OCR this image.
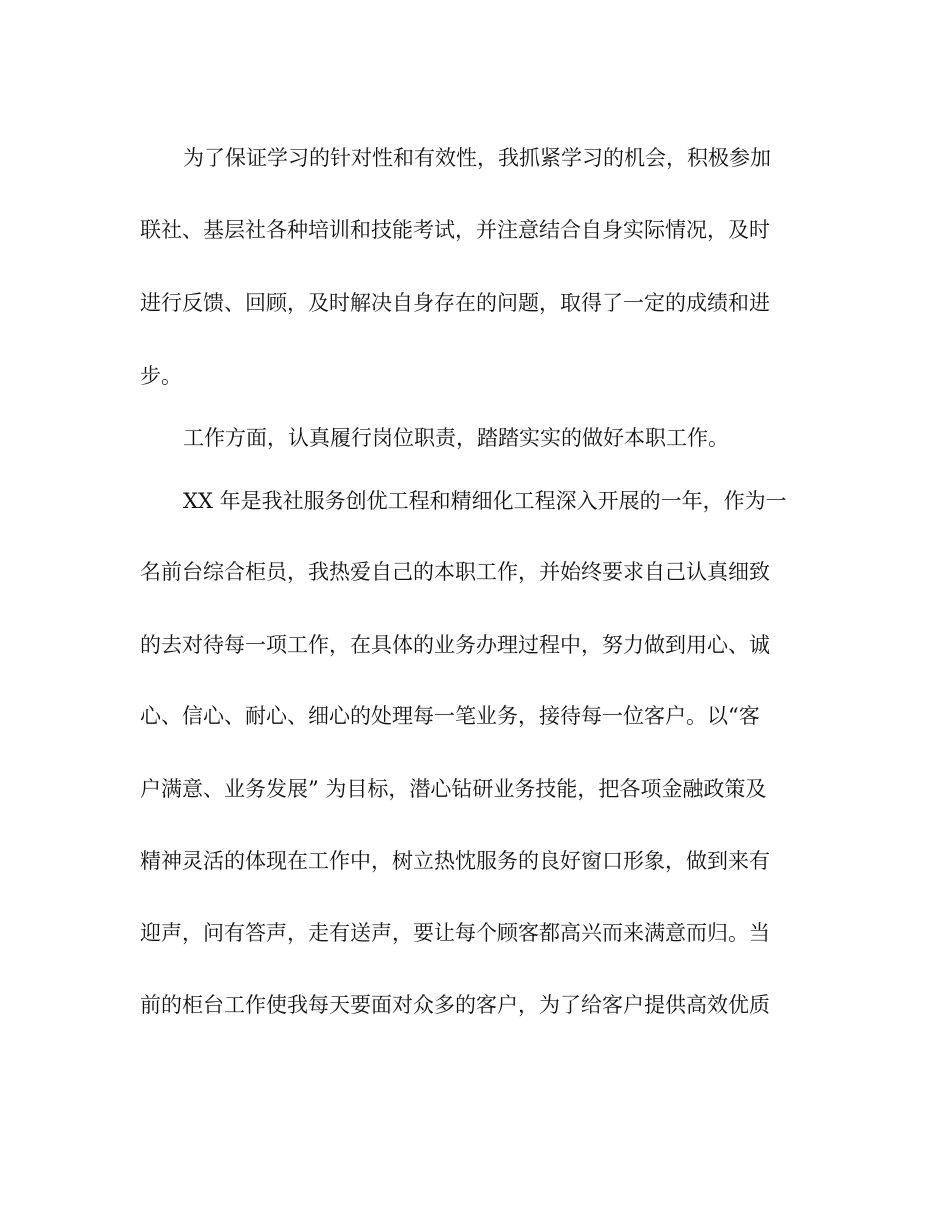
为了保证学习的针对性和有效性，我抓紧学习的机会，积极参加

联社、基层社各种培训和技能考试，并注意结合自身实际情况，及时

进行反馈、回顾，及时解决自身存在的问题，取得了一定的成绩和进

步。

工作方面，认真履行岗位职责，踏踏实实的做好本职工作。

XX 年是我社服务创优工程和精细化工程深入开展的一年，作为一

名前台综合柜员，我热爱自己的本职工作，并始终要求自己认真细致

的去对待每一项工作，在具体的业务办理过程中，努力做到用心、诚

心、信心、耐心、细心的处理每一笔业务，接待每一位客户。以“客

户满意、业务发展” 为目标，潜心钻研业务技能，把各项金融政策及

精神灵活的体现在工作中，树立热忱服务的良好窗口形象，做到来有

迎声，问有答声，走有送声，要让每个顾客都高兴而来满意而归。当

前的柜台工作使我每天要面对众多的客户，为了给客户提供高效优质
